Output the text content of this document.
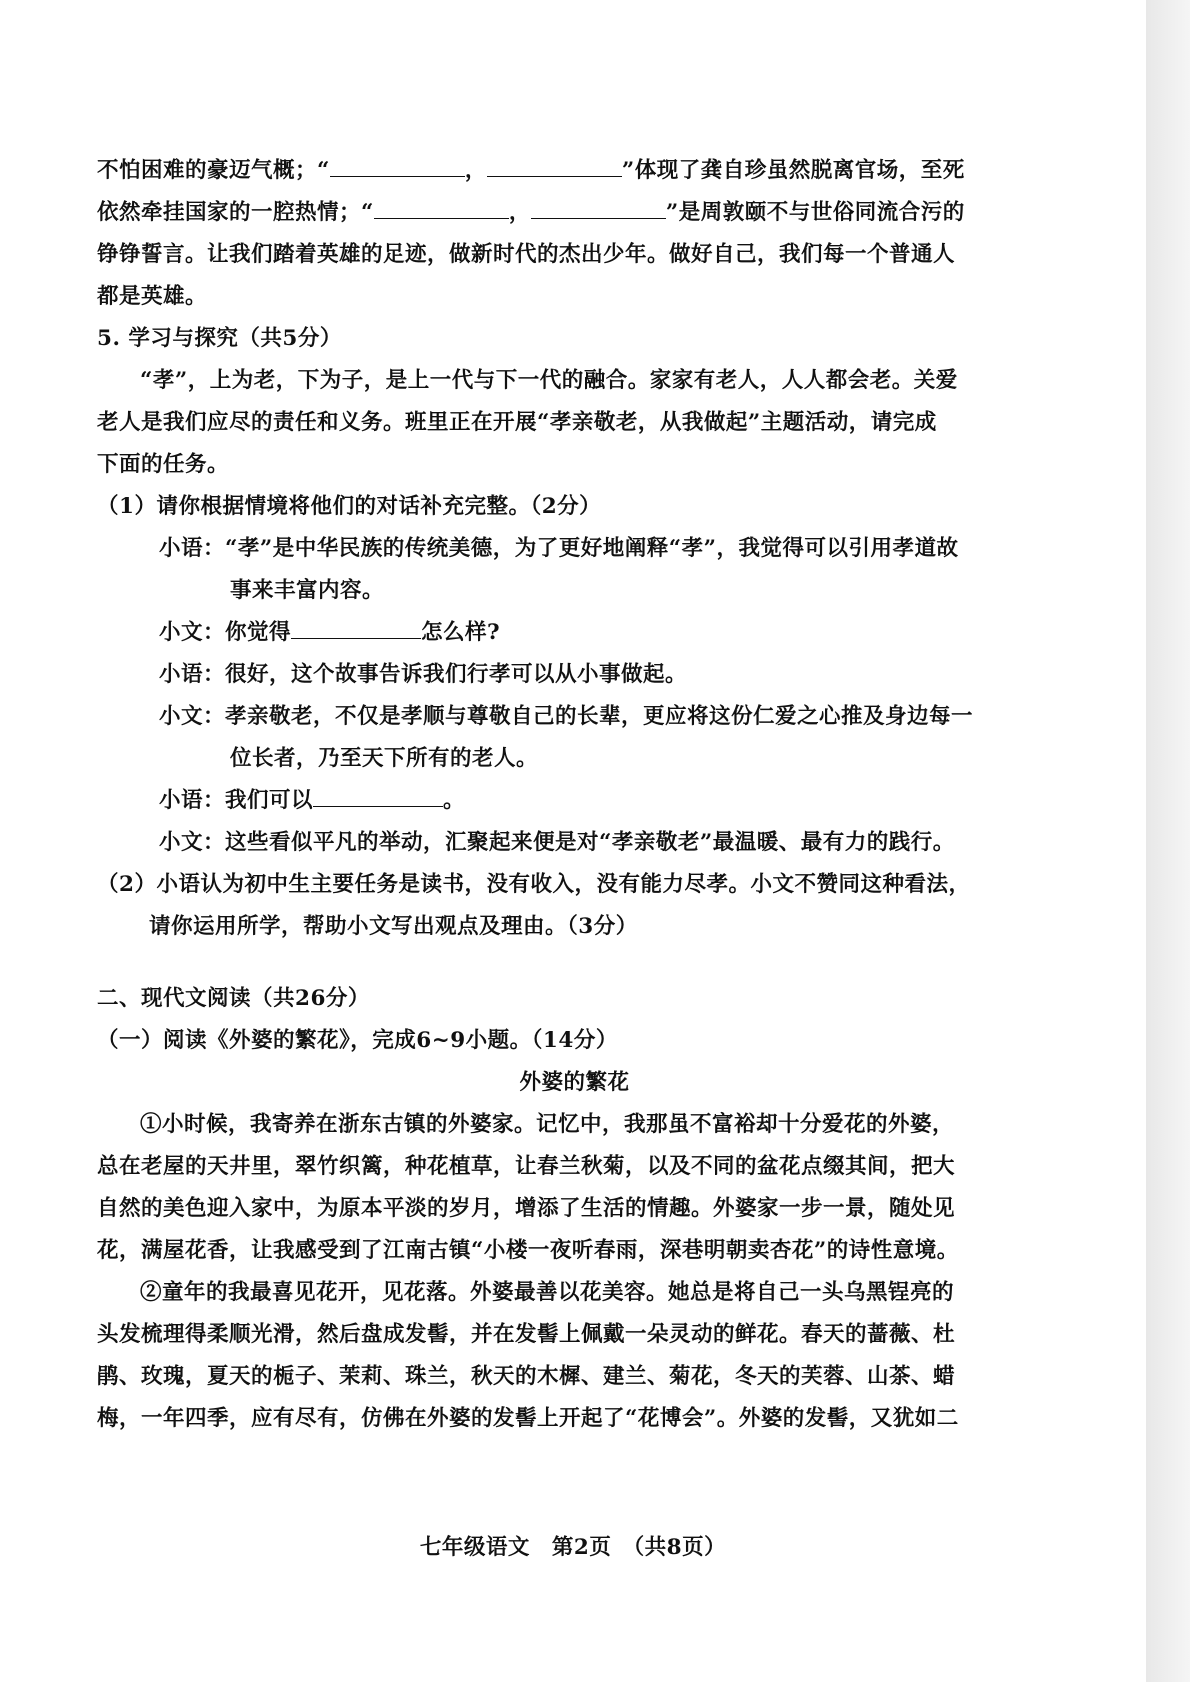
不怕困难的豪迈气概；“	，	”体现了龚自珍虽然脱离官场，至死

依然牵挂国家的一腔热情；“	，	”是周敦颐不与世俗同流合污的

铮铮誓言。让我们踏着英雄的足迹，做新时代的杰出少年。做好自己，我们每一个普通人

都是英雄。

5. 学习与探究（共5分）

“孝”，上为老，下为子，是上一代与下一代的融合。家家有老人，人人都会老。关爱

老人是我们应尽的责任和义务。班里正在开展“孝亲敬老，从我做起”主题活动，请完成

下面的任务。

（1）请你根据情境将他们的对话补充完整。（2分）

小语：“孝”是中华民族的传统美德，为了更好地阐释“孝”，我觉得可以引用孝道故

事来丰富内容。

小文：你觉得	怎么样?

小语：很好，这个故事告诉我们行孝可以从小事做起。

小文：孝亲敬老，不仅是孝顺与尊敬自己的长辈，更应将这份仁爱之心推及身边每一

位长者，乃至天下所有的老人。

小语：我们可以	。

小文：这些看似平凡的举动，汇聚起来便是对“孝亲敬老”最温暖、最有力的践行。

（2）小语认为初中生主要任务是读书，没有收入，没有能力尽孝。小文不赞同这种看法，

请你运用所学，帮助小文写出观点及理由。（3分）

二、现代文阅读（共26分）

（一）阅读《外婆的繁花》，完成6~9小题。（14分）

外婆的繁花

①小时候，我寄养在浙东古镇的外婆家。记忆中，我那虽不富裕却十分爱花的外婆，

总在老屋的天井里，翠竹织篱，种花植草，让春兰秋菊，以及不同的盆花点缀其间，把大

自然的美色迎入家中，为原本平淡的岁月，增添了生活的情趣。外婆家一步一景，随处见

花，满屋花香，让我感受到了江南古镇“小楼一夜听春雨，深巷明朝卖杏花”的诗性意境。

②童年的我最喜见花开，见花落。外婆最善以花美容。她总是将自己一头乌黑锃亮的

头发梳理得柔顺光滑，然后盘成发髻，并在发髻上佩戴一朵灵动的鲜花。春天的蔷薇、杜

鹃、玫瑰，夏天的栀子、茉莉、珠兰，秋天的木樨、建兰、菊花，冬天的芙蓉、山茶、蜡

梅，一年四季，应有尽有，仿佛在外婆的发髻上开起了“花博会”。外婆的发髻，又犹如二

七年级语文　第2页　（共8页）
